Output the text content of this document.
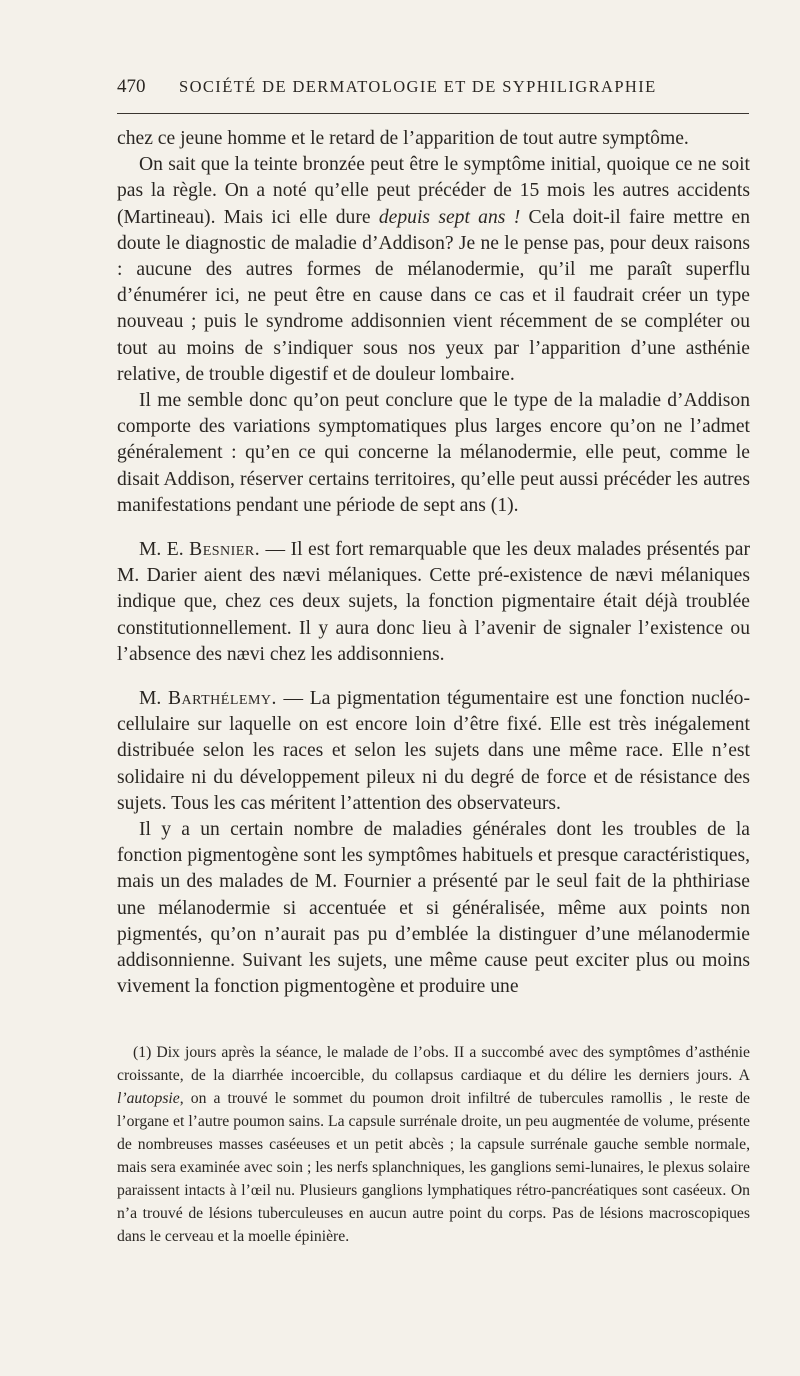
470 SOCIÉTÉ DE DERMATOLOGIE ET DE SYPHILIGRAPHIE

chez ce jeune homme et le retard de l’apparition de tout autre symptôme.

On sait que la teinte bronzée peut être le symptôme initial, quoique ce ne soit pas la règle. On a noté qu’elle peut précéder de 15 mois les autres accidents (Martineau). Mais ici elle dure depuis sept ans ! Cela doit-il faire mettre en doute le diagnostic de maladie d’Addison? Je ne le pense pas, pour deux raisons : aucune des autres formes de mélanodermie, qu’il me paraît superflu d’énumérer ici, ne peut être en cause dans ce cas et il faudrait créer un type nouveau ; puis le syndrome addisonnien vient récemment de se compléter ou tout au moins de s’indiquer sous nos yeux par l’apparition d’une asthénie relative, de trouble digestif et de douleur lombaire.

Il me semble donc qu’on peut conclure que le type de la maladie d’Addison comporte des variations symptomatiques plus larges encore qu’on ne l’admet généralement : qu’en ce qui concerne la mélanodermie, elle peut, comme le disait Addison, réserver certains territoires, qu’elle peut aussi précéder les autres manifestations pendant une période de sept ans (1).

M. E. Besnier. — Il est fort remarquable que les deux malades présentés par M. Darier aient des nævi mélaniques. Cette pré-existence de nævi mélaniques indique que, chez ces deux sujets, la fonction pigmentaire était déjà troublée constitutionnellement. Il y aura donc lieu à l’avenir de signaler l’existence ou l’absence des nævi chez les addisonniens.

M. Barthélemy. — La pigmentation tégumentaire est une fonction nucléo-cellulaire sur laquelle on est encore loin d’être fixé. Elle est très inégalement distribuée selon les races et selon les sujets dans une même race. Elle n’est solidaire ni du développement pileux ni du degré de force et de résistance des sujets. Tous les cas méritent l’attention des observateurs.

Il y a un certain nombre de maladies générales dont les troubles de la fonction pigmentogène sont les symptômes habituels et presque caractéristiques, mais un des malades de M. Fournier a présenté par le seul fait de la phthiriase une mélanodermie si accentuée et si généralisée, même aux points non pigmentés, qu’on n’aurait pas pu d’emblée la distinguer d’une mélanodermie addisonnienne. Suivant les sujets, une même cause peut exciter plus ou moins vivement la fonction pigmentogène et produire une

(1) Dix jours après la séance, le malade de l’obs. II a succombé avec des symptômes d’asthénie croissante, de la diarrhée incoercible, du collapsus cardiaque et du délire les derniers jours. A l’autopsie, on a trouvé le sommet du poumon droit infiltré de tubercules ramollis , le reste de l’organe et l’autre poumon sains. La capsule surrénale droite, un peu augmentée de volume, présente de nombreuses masses caséeuses et un petit abcès ; la capsule surrénale gauche semble normale, mais sera examinée avec soin ; les nerfs splanchniques, les ganglions semi-lunaires, le plexus solaire paraissent intacts à l’œil nu. Plusieurs ganglions lymphatiques rétro-pancréatiques sont caséeux. On n’a trouvé de lésions tuberculeuses en aucun autre point du corps. Pas de lésions macroscopiques dans le cerveau et la moelle épinière.
